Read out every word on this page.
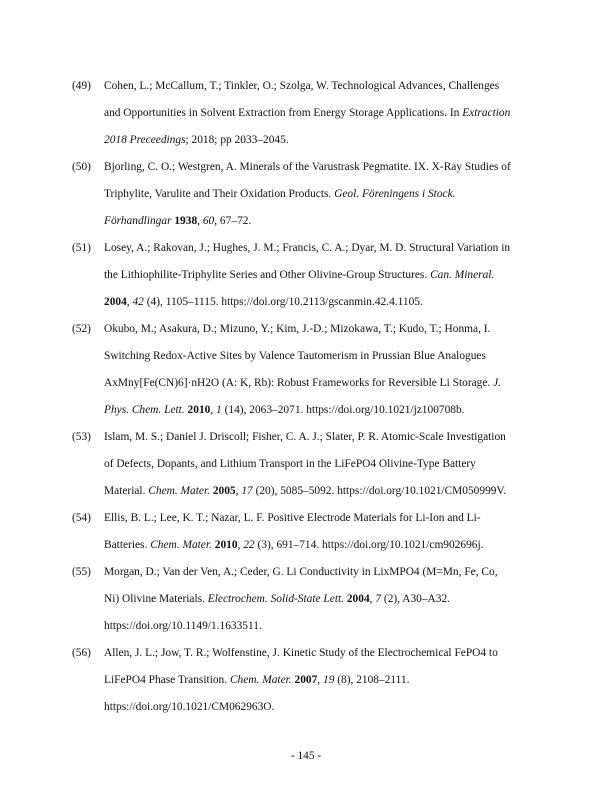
(49) Cohen, L.; McCallum, T.; Tinkler, O.; Szolga, W. Technological Advances, Challenges
and Opportunities in Solvent Extraction from Energy Storage Applications. In Extraction
2018 Preceedings; 2018; pp 2033–2045.
(50) Bjorling, C. O.; Westgren, A. Minerals of the Varustrask Pegmatite. IX. X-Ray Studies of
Triphylite, Varulite and Their Oxidation Products. Geol. Föreningens i Stock.
Förhandlingar 1938, 60, 67–72.
(51) Losey, A.; Rakovan, J.; Hughes, J. M.; Francis, C. A.; Dyar, M. D. Structural Variation in
the Lithiophilite-Triphylite Series and Other Olivine-Group Structures. Can. Mineral.
2004, 42 (4), 1105–1115. https://doi.org/10.2113/gscanmin.42.4.1105.
(52) Okubo, M.; Asakura, D.; Mizuno, Y.; Kim, J.-D.; Mizokawa, T.; Kudo, T.; Honma, I.
Switching Redox-Active Sites by Valence Tautomerism in Prussian Blue Analogues
AxMny[Fe(CN)6]·nH2O (A: K, Rb): Robust Frameworks for Reversible Li Storage. J.
Phys. Chem. Lett. 2010, 1 (14), 2063–2071. https://doi.org/10.1021/jz100708b.
(53) Islam, M. S.; Daniel J. Driscoll; Fisher, C. A. J.; Slater, P. R. Atomic-Scale Investigation
of Defects, Dopants, and Lithium Transport in the LiFePO4 Olivine-Type Battery
Material. Chem. Mater. 2005, 17 (20), 5085–5092. https://doi.org/10.1021/CM050999V.
(54) Ellis, B. L.; Lee, K. T.; Nazar, L. F. Positive Electrode Materials for Li-Ion and Li-
Batteries. Chem. Mater. 2010, 22 (3), 691–714. https://doi.org/10.1021/cm902696j.
(55) Morgan, D.; Van der Ven, A.; Ceder, G. Li Conductivity in LixMPO4 (M=Mn, Fe, Co,
Ni) Olivine Materials. Electrochem. Solid-State Lett. 2004, 7 (2), A30–A32.
https://doi.org/10.1149/1.1633511.
(56) Allen, J. L.; Jow, T. R.; Wolfenstine, J. Kinetic Study of the Electrochemical FePO4 to
LiFePO4 Phase Transition. Chem. Mater. 2007, 19 (8), 2108–2111.
https://doi.org/10.1021/CM062963O.
- 145 -
